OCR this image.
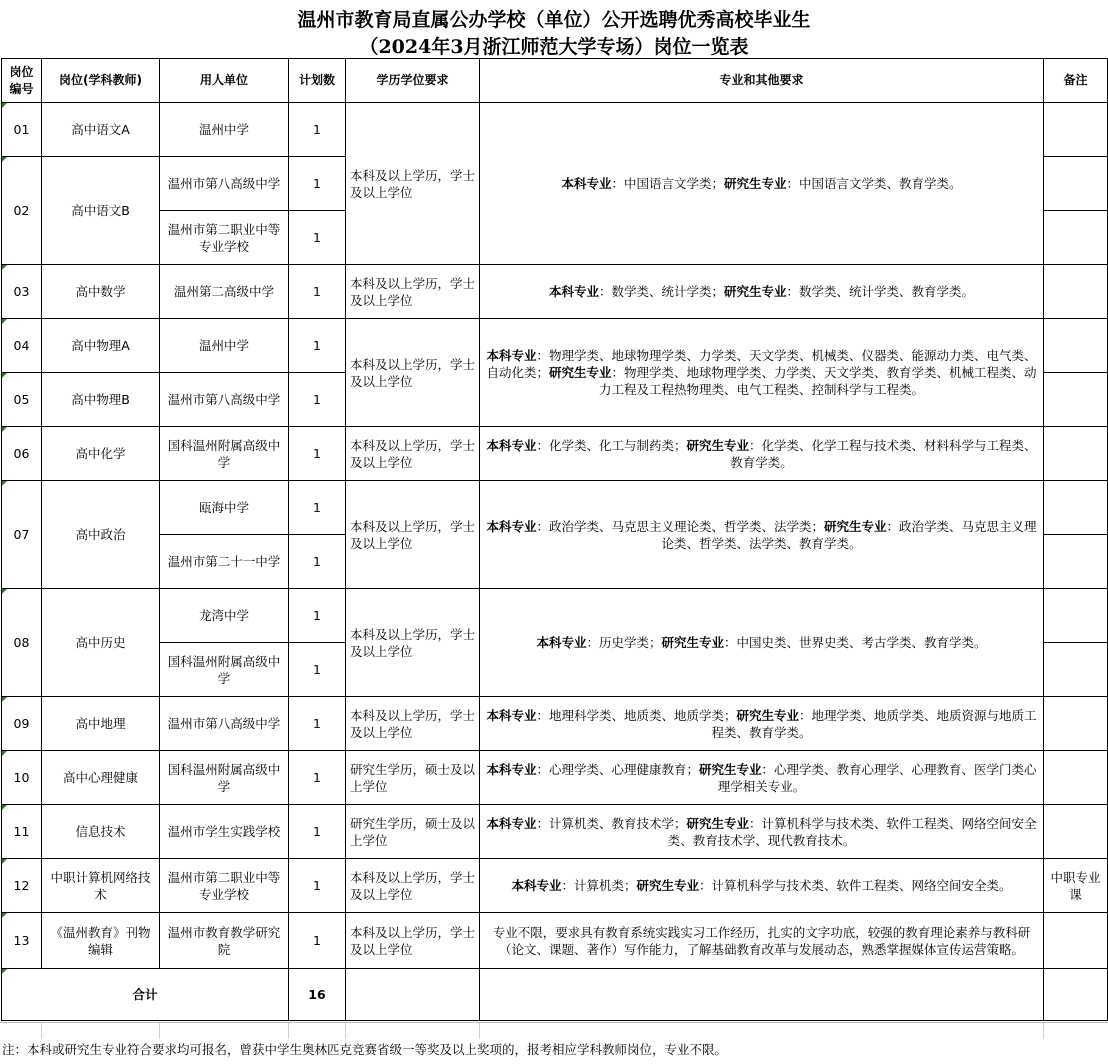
温州市教育局直属公办学校（单位）公开选聘优秀高校毕业生
（2024年3月浙江师范大学专场）岗位一览表
岗位编号	岗位(学科教师)	用人单位	计划数	学历学位要求	专业和其他要求	备注
01	高中语文A	温州中学	1	本科及以上学历，学士及以上学位	本科专业：中国语言文学类；研究生专业：中国语言文学类、教育学类。	
02	高中语文B	温州市第八高级中学	1			
		温州市第二职业中等专业学校	1			
03	高中数学	温州第二高级中学	1	本科及以上学历，学士及以上学位	本科专业：数学类、统计学类；研究生专业：数学类、统计学类、教育学类。	
04	高中物理A	温州中学	1	本科及以上学历，学士及以上学位	本科专业：物理学类、地球物理学类、力学类、天文学类、机械类、仪器类、能源动力类、电气类、自动化类；研究生专业：物理学类、地球物理学类、力学类、天文学类、教育学类、机械工程类、动力工程及工程热物理类、电气工程类、控制科学与工程类。	
05	高中物理B	温州市第八高级中学	1			
06	高中化学	国科温州附属高级中学	1	本科及以上学历，学士及以上学位	本科专业：化学类、化工与制药类；研究生专业：化学类、化学工程与技术类、材料科学与工程类、教育学类。	
07	高中政治	瓯海中学	1	本科及以上学历，学士及以上学位	本科专业：政治学类、马克思主义理论类、哲学类、法学类；研究生专业：政治学类、马克思主义理论类、哲学类、法学类、教育学类。	
		温州市第二十一中学	1			
08	高中历史	龙湾中学	1	本科及以上学历，学士及以上学位	本科专业：历史学类；研究生专业：中国史类、世界史类、考古学类、教育学类。	
		国科温州附属高级中学	1			
09	高中地理	温州市第八高级中学	1	本科及以上学历，学士及以上学位	本科专业：地理科学类、地质类、地质学类；研究生专业：地理学类、地质学类、地质资源与地质工程类、教育学类。	
10	高中心理健康	国科温州附属高级中学	1	研究生学历，硕士及以上学位	本科专业：心理学类、心理健康教育；研究生专业：心理学类、教育心理学、心理教育、医学门类心理学相关专业。	
11	信息技术	温州市学生实践学校	1	研究生学历，硕士及以上学位	本科专业：计算机类、教育技术学；研究生专业：计算机科学与技术类、软件工程类、网络空间安全类、教育技术学、现代教育技术。	
12	中职计算机网络技术	温州市第二职业中等专业学校	1	本科及以上学历，学士及以上学位	本科专业：计算机类；研究生专业：计算机科学与技术类、软件工程类、网络空间安全类。	中职专业课
13	《温州教育》刊物编辑	温州市教育教学研究院	1	本科及以上学历，学士及以上学位	专业不限，要求具有教育系统实践实习工作经历，扎实的文字功底，较强的教育理论素养与教科研（论文、课题、著作）写作能力，了解基础教育改革与发展动态，熟悉掌握媒体宣传运营策略。	
合计			16			
注：本科或研究生专业符合要求均可报名，曾获中学生奥林匹克竞赛省级一等奖及以上奖项的，报考相应学科教师岗位，专业不限。
